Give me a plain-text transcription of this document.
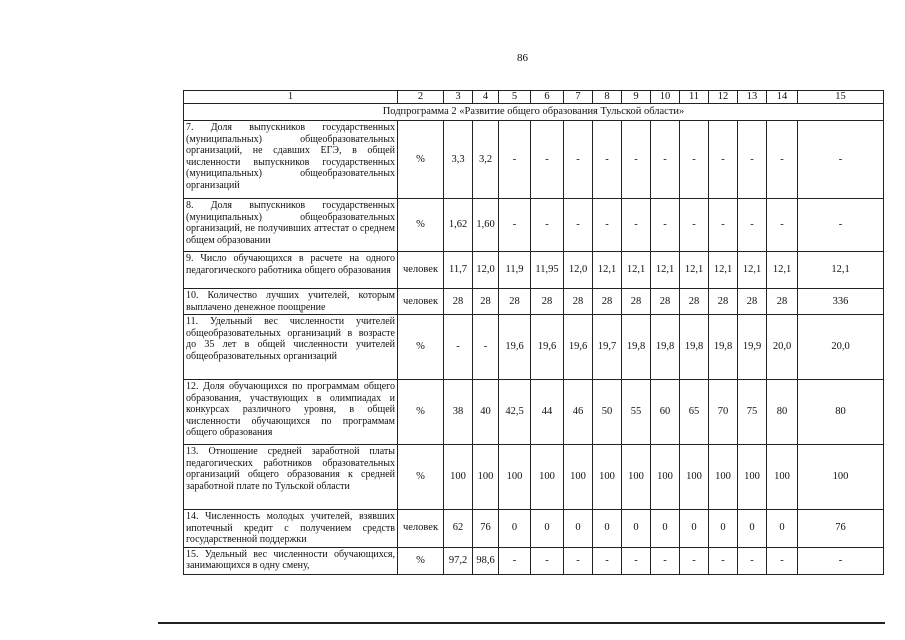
86
1	2	3	4	5	6	7	8	9	10	11	12	13	14	15
Подпрограмма 2 «Развитие общего образования Тульской области»														
7. Доля выпускников государственных (муниципальных) общеобразовательных организаций, не сдавших ЕГЭ, в общей численности выпускников государственных (муниципальных) общеобразовательных организаций	%	3,3	3,2	-	-	-	-	-	-	-	-	-	-	-
8. Доля выпускников государственных (муниципальных) общеобразовательных организаций, не получивших аттестат о среднем общем образовании	%	1,62	1,60	-	-	-	-	-	-	-	-	-	-	-
9. Число обучающихся в расчете на одного педагогического работника общего образования	человек	11,7	12,0	11,9	11,95	12,0	12,1	12,1	12,1	12,1	12,1	12,1	12,1	12,1
10. Количество лучших учителей, которым выплачено денежное поощрение	человек	28	28	28	28	28	28	28	28	28	28	28	28	336
11. Удельный вес численности учителей общеобразовательных организаций в возрасте до 35 лет в общей численности учителей общеобразовательных организаций	%	-	-	19,6	19,6	19,6	19,7	19,8	19,8	19,8	19,8	19,9	20,0	20,0
12. Доля обучающихся по программам общего образования, участвующих в олимпиадах и конкурсах различного уровня, в общей численности обучающихся по программам общего образования	%	38	40	42,5	44	46	50	55	60	65	70	75	80	80
13. Отношение средней заработной платы педагогических работников образовательных организаций общего образования к средней заработной плате по Тульской области	%	100	100	100	100	100	100	100	100	100	100	100	100	100
14. Численность молодых учителей, взявших ипотечный кредит с получением средств государственной поддержки	человек	62	76	0	0	0	0	0	0	0	0	0	0	76
15. Удельный вес численности обучающихся, занимающихся в одну смену,	%	97,2	98,6	-	-	-	-	-	-	-	-	-	-	-
